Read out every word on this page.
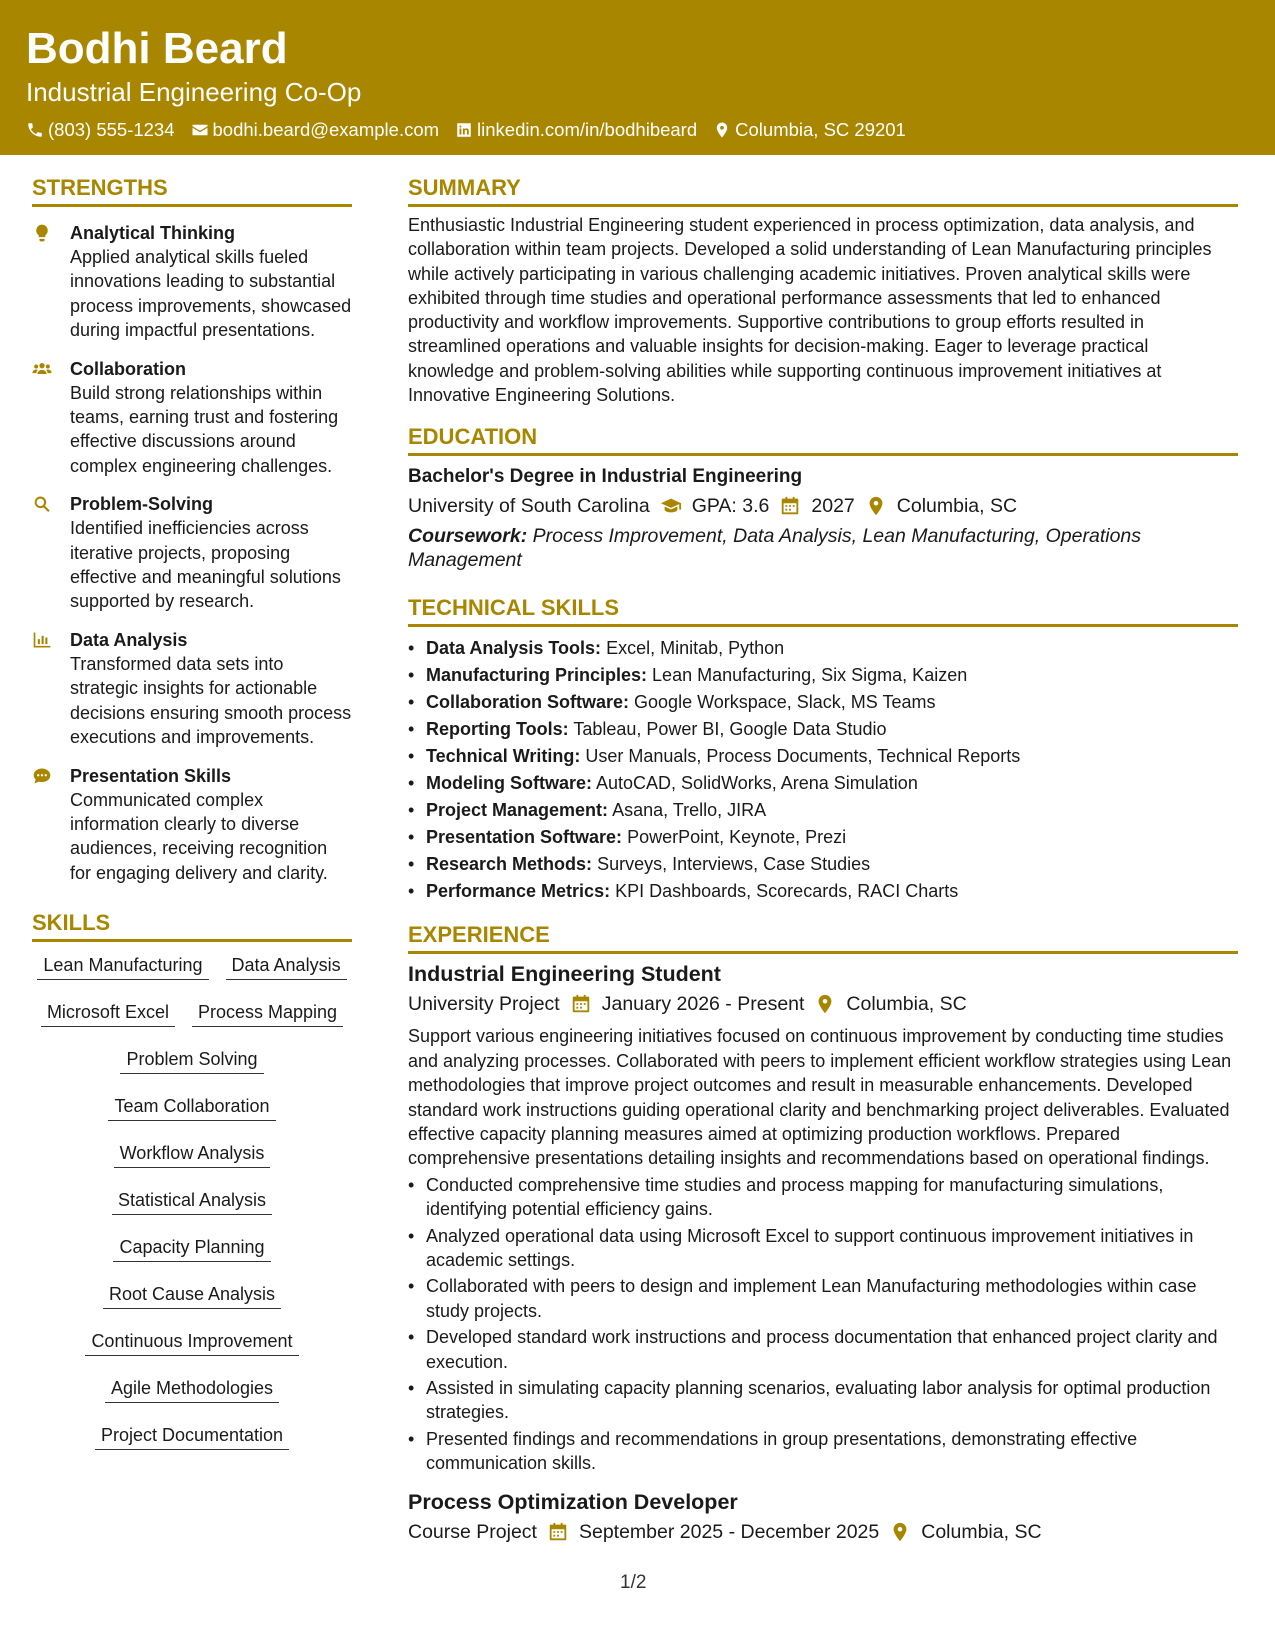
Bodhi Beard
Industrial Engineering Co-Op
(803) 555-1234 bodhi.beard@example.com linkedin.com/in/bodhibeard Columbia, SC 29201
STRENGTHS
Analytical Thinking
Applied analytical skills fueled innovations leading to substantial process improvements, showcased during impactful presentations.
Collaboration
Build strong relationships within teams, earning trust and fostering effective discussions around complex engineering challenges.
Problem-Solving
Identified inefficiencies across iterative projects, proposing effective and meaningful solutions supported by research.
Data Analysis
Transformed data sets into strategic insights for actionable decisions ensuring smooth process executions and improvements.
Presentation Skills
Communicated complex information clearly to diverse audiences, receiving recognition for engaging delivery and clarity.
SKILLS
Lean Manufacturing	Data Analysis
Microsoft Excel	Process Mapping
Problem Solving
Team Collaboration
Workflow Analysis
Statistical Analysis
Capacity Planning
Root Cause Analysis
Continuous Improvement
Agile Methodologies
Project Documentation
SUMMARY
Enthusiastic Industrial Engineering student experienced in process optimization, data analysis, and collaboration within team projects. Developed a solid understanding of Lean Manufacturing principles while actively participating in various challenging academic initiatives. Proven analytical skills were exhibited through time studies and operational performance assessments that led to enhanced productivity and workflow improvements. Supportive contributions to group efforts resulted in streamlined operations and valuable insights for decision-making. Eager to leverage practical knowledge and problem-solving abilities while supporting continuous improvement initiatives at Innovative Engineering Solutions.
EDUCATION
Bachelor's Degree in Industrial Engineering
University of South Carolina GPA: 3.6 2027 Columbia, SC
Coursework: Process Improvement, Data Analysis, Lean Manufacturing, Operations Management
TECHNICAL SKILLS
• Data Analysis Tools: Excel, Minitab, Python
• Manufacturing Principles: Lean Manufacturing, Six Sigma, Kaizen
• Collaboration Software: Google Workspace, Slack, MS Teams
• Reporting Tools: Tableau, Power BI, Google Data Studio
• Technical Writing: User Manuals, Process Documents, Technical Reports
• Modeling Software: AutoCAD, SolidWorks, Arena Simulation
• Project Management: Asana, Trello, JIRA
• Presentation Software: PowerPoint, Keynote, Prezi
• Research Methods: Surveys, Interviews, Case Studies
• Performance Metrics: KPI Dashboards, Scorecards, RACI Charts
EXPERIENCE
Industrial Engineering Student
University Project January 2026 - Present Columbia, SC
Support various engineering initiatives focused on continuous improvement by conducting time studies and analyzing processes. Collaborated with peers to implement efficient workflow strategies using Lean methodologies that improve project outcomes and result in measurable enhancements. Developed standard work instructions guiding operational clarity and benchmarking project deliverables. Evaluated effective capacity planning measures aimed at optimizing production workflows. Prepared comprehensive presentations detailing insights and recommendations based on operational findings.
• Conducted comprehensive time studies and process mapping for manufacturing simulations, identifying potential efficiency gains.
• Analyzed operational data using Microsoft Excel to support continuous improvement initiatives in academic settings.
• Collaborated with peers to design and implement Lean Manufacturing methodologies within case study projects.
• Developed standard work instructions and process documentation that enhanced project clarity and execution.
• Assisted in simulating capacity planning scenarios, evaluating labor analysis for optimal production strategies.
• Presented findings and recommendations in group presentations, demonstrating effective communication skills.
Process Optimization Developer
Course Project September 2025 - December 2025 Columbia, SC
1/2
